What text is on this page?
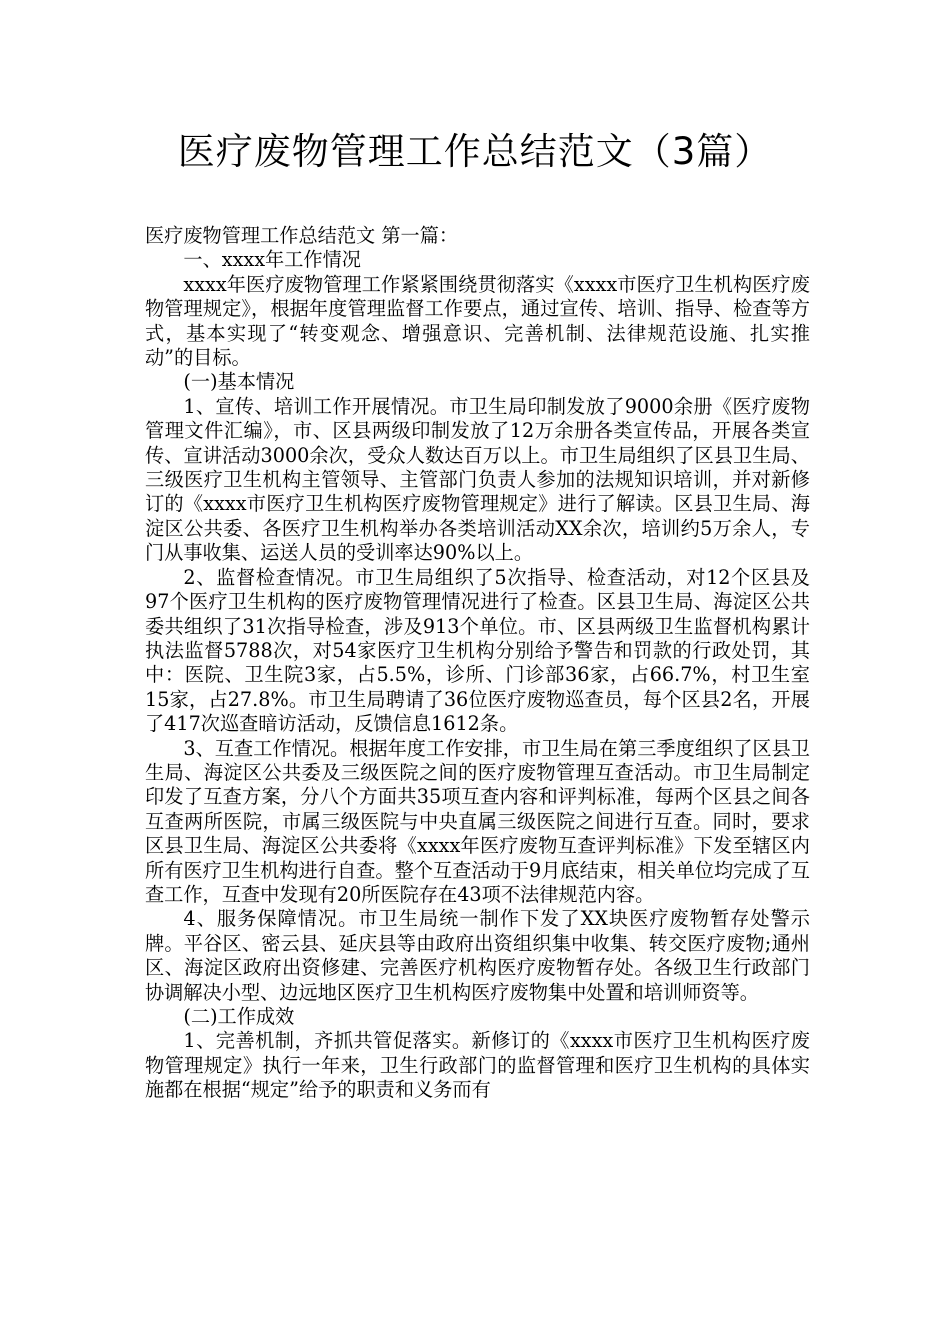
医疗废物管理工作总结范文（3篇）

医疗废物管理工作总结范文 第一篇：

一、xxxx年工作情况

xxxx年医疗废物管理工作紧紧围绕贯彻落实《xxxx市医疗卫生机构医疗废物管理规定》，根据年度管理监督工作要点，通过宣传、培训、指导、检查等方式，基本实现了“转变观念、增强意识、完善机制、法律规范设施、扎实推动”的目标。

(一)基本情况

1、宣传、培训工作开展情况。市卫生局印制发放了9000余册《医疗废物管理文件汇编》，市、区县两级印制发放了12万余册各类宣传品，开展各类宣传、宣讲活动3000余次，受众人数达百万以上。市卫生局组织了区县卫生局、三级医疗卫生机构主管领导、主管部门负责人参加的法规知识培训，并对新修订的《xxxx市医疗卫生机构医疗废物管理规定》进行了解读。区县卫生局、海淀区公共委、各医疗卫生机构举办各类培训活动XX余次，培训约5万余人，专门从事收集、运送人员的受训率达90%以上。

2、监督检查情况。市卫生局组织了5次指导、检查活动，对12个区县及97个医疗卫生机构的医疗废物管理情况进行了检查。区县卫生局、海淀区公共委共组织了31次指导检查，涉及913个单位。市、区县两级卫生监督机构累计执法监督5788次，对54家医疗卫生机构分别给予警告和罚款的行政处罚，其中：医院、卫生院3家，占5.5%，诊所、门诊部36家，占66.7%，村卫生室15家，占27.8%。市卫生局聘请了36位医疗废物巡查员，每个区县2名，开展了417次巡查暗访活动，反馈信息1612条。

3、互查工作情况。根据年度工作安排，市卫生局在第三季度组织了区县卫生局、海淀区公共委及三级医院之间的医疗废物管理互查活动。市卫生局制定印发了互查方案，分八个方面共35项互查内容和评判标准，每两个区县之间各互查两所医院，市属三级医院与中央直属三级医院之间进行互查。同时，要求区县卫生局、海淀区公共委将《xxxx年医疗废物互查评判标准》下发至辖区内所有医疗卫生机构进行自查。整个互查活动于9月底结束，相关单位均完成了互查工作，互查中发现有20所医院存在43项不法律规范内容。

4、服务保障情况。市卫生局统一制作下发了XX块医疗废物暂存处警示牌。平谷区、密云县、延庆县等由政府出资组织集中收集、转交医疗废物;通州区、海淀区政府出资修建、完善医疗机构医疗废物暂存处。各级卫生行政部门协调解决小型、边远地区医疗卫生机构医疗废物集中处置和培训师资等。

(二)工作成效

1、完善机制，齐抓共管促落实。新修订的《xxxx市医疗卫生机构医疗废物管理规定》执行一年来，卫生行政部门的监督管理和医疗卫生机构的具体实施都在根据“规定”给予的职责和义务而有
